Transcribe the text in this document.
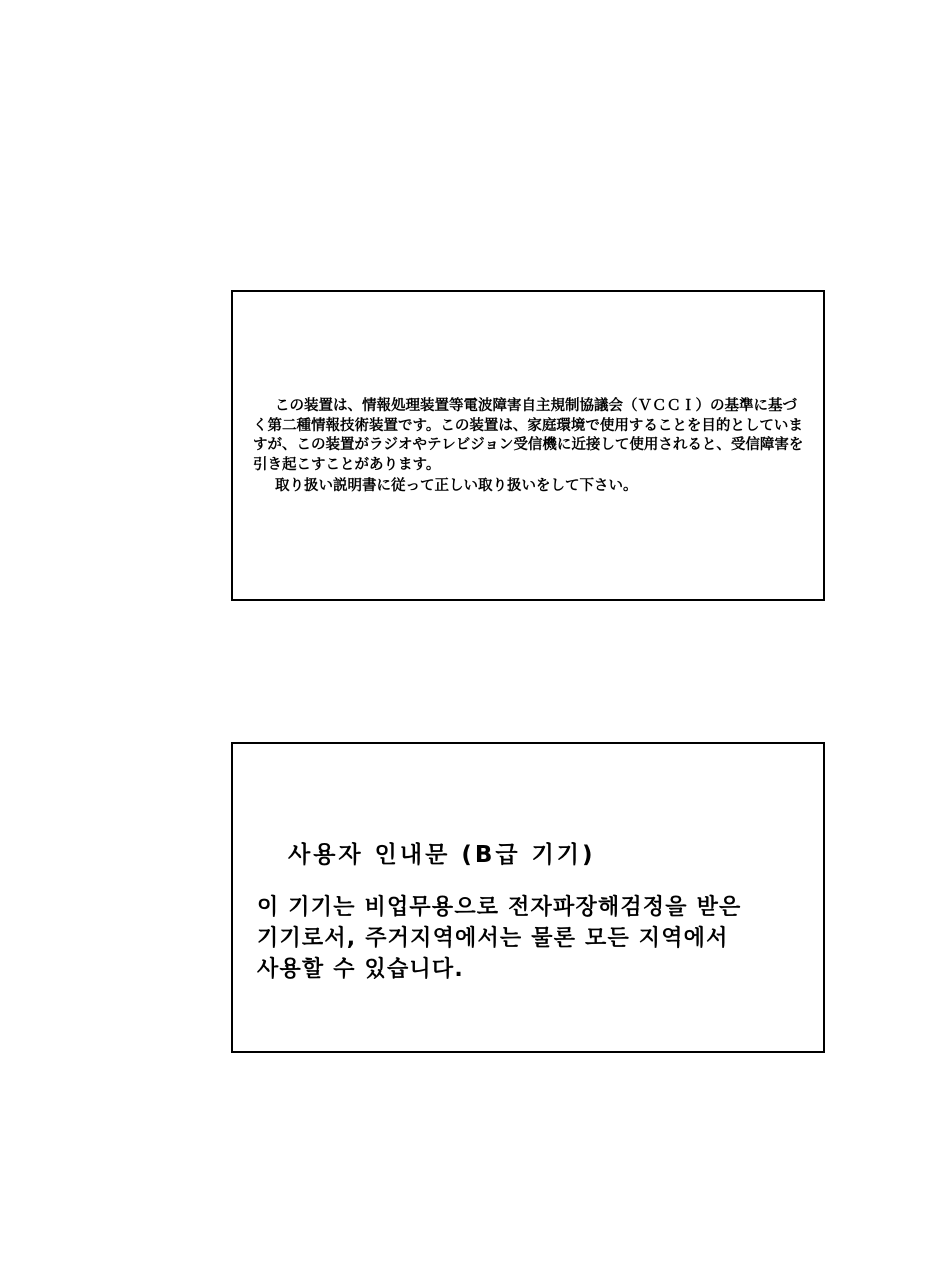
この装置は、情報処理装置等電波障害自主規制協議会（ＶＣＣＩ）の基準に基づく第二種情報技術装置です。この装置は、家庭環境で使用することを目的としていますが、この装置がラジオやテレビジョン受信機に近接して使用されると、受信障害を引き起こすことがあります。

取り扱い説明書に従って正しい取り扱いをして下さい。

사용자 인내문 (B급 기기)

이 기기는 비업무용으로 전자파장해검정을 받은

기기로서, 주거지역에서는 물론 모든 지역에서

사용할 수 있습니다.
